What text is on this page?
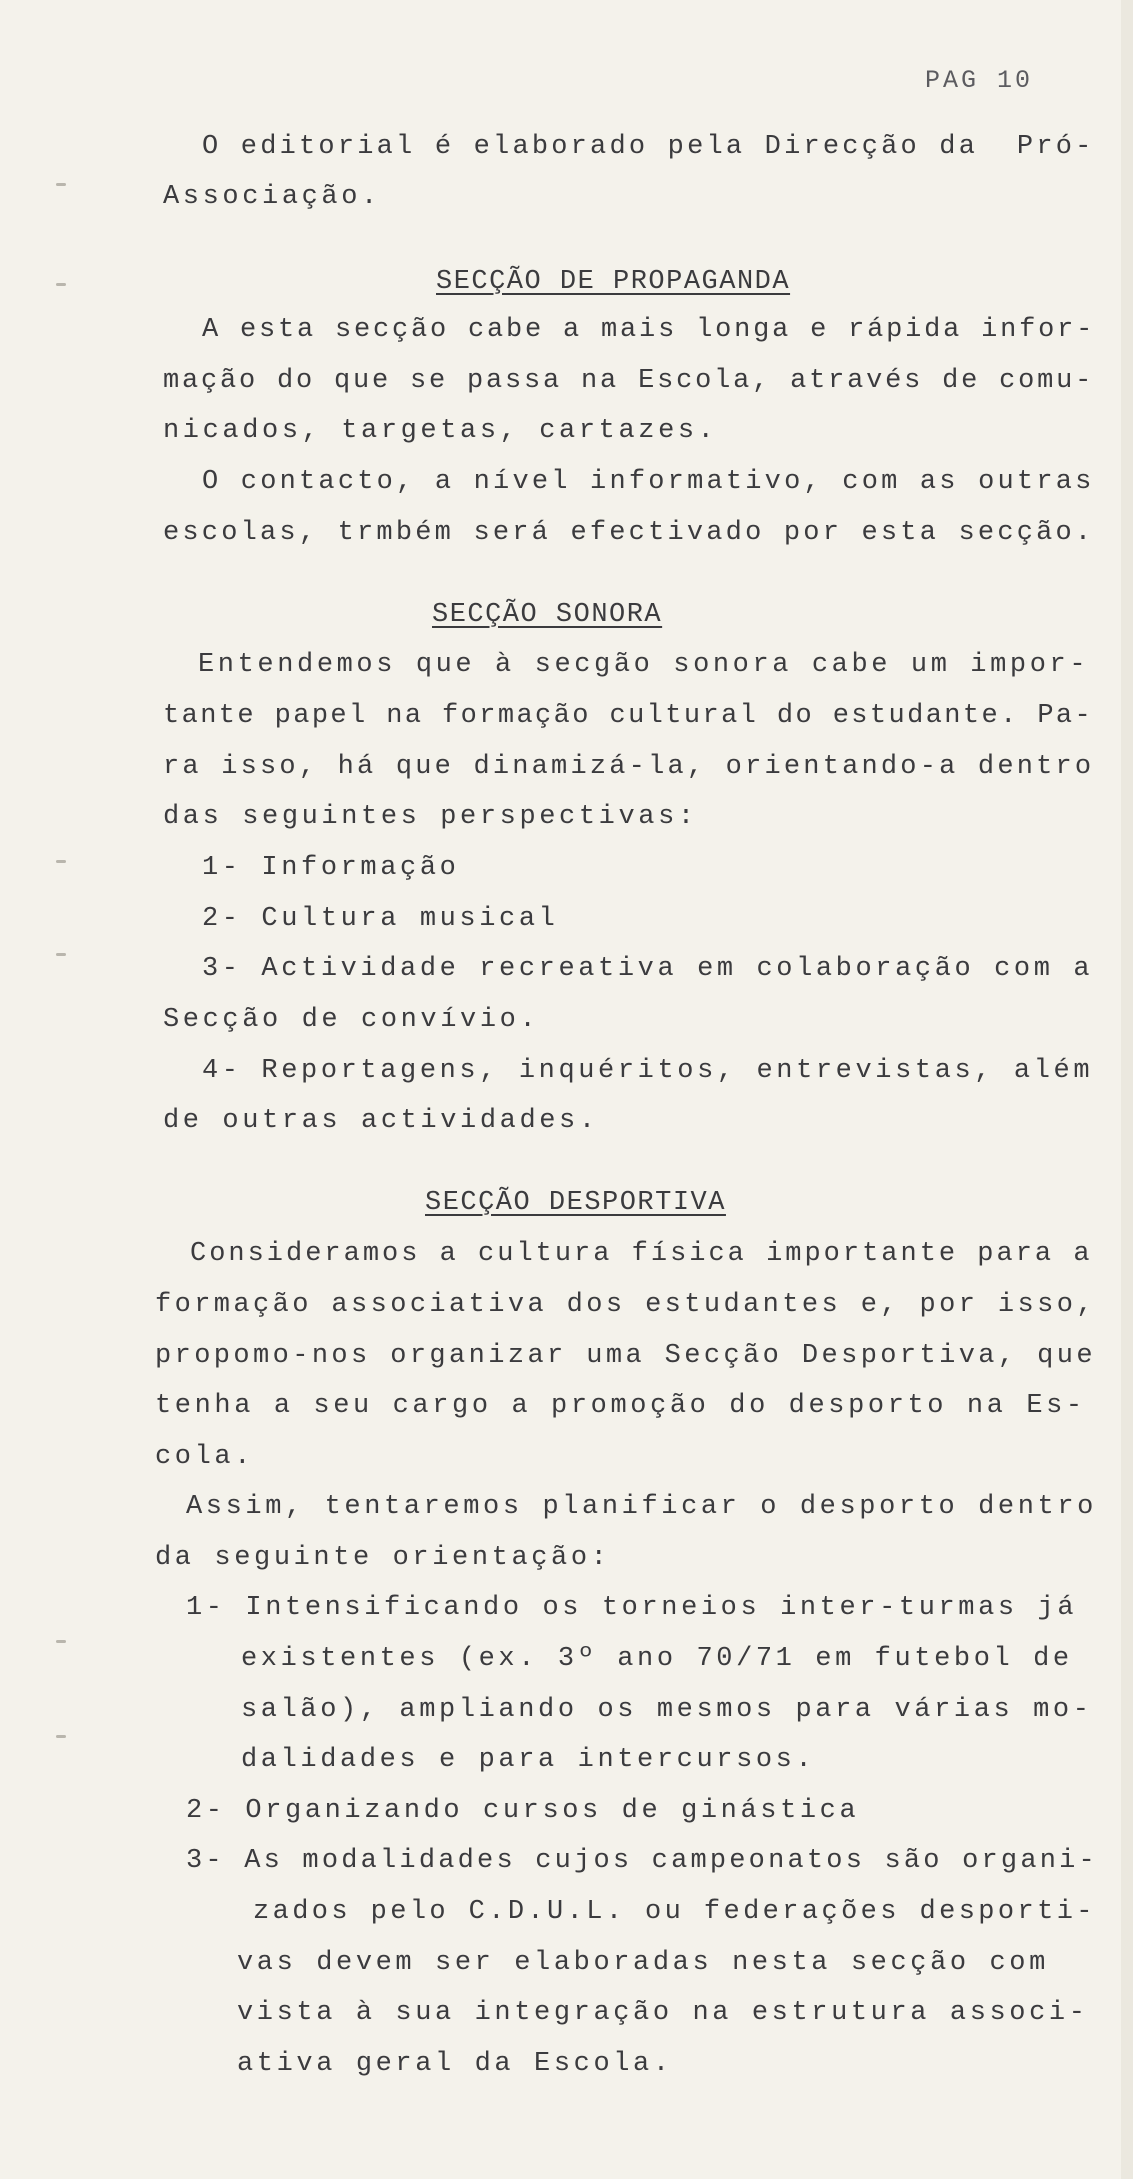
PAG 10
O editorial é elaborado pela Direcção da  Pró-
Associação.
SECÇÃO DE PROPAGANDA
A esta secção cabe a mais longa e rápida infor-
mação do que se passa na Escola, através de comu-
nicados, targetas, cartazes.
O contacto, a nível informativo, com as outras
escolas, trmbém será efectivado por esta secção.
SECÇÃO SONORA
Entendemos que à secgão sonora cabe um impor-
tante papel na formação cultural do estudante. Pa-
ra isso, há que dinamizá-la, orientando-a dentro
das seguintes perspectivas:
1- Informação
2- Cultura musical
3- Actividade recreativa em colaboração com a
Secção de convívio.
4- Reportagens, inquéritos, entrevistas, além
de outras actividades.
SECÇÃO DESPORTIVA
Consideramos a cultura física importante para a
formação associativa dos estudantes e, por isso,
propomo-nos organizar uma Secção Desportiva, que
tenha a seu cargo a promoção do desporto na Es-
cola.
Assim, tentaremos planificar o desporto dentro
da seguinte orientação:
1- Intensificando os torneios inter-turmas já
existentes (ex. 3º ano 70/71 em futebol de
salão), ampliando os mesmos para várias mo-
dalidades e para intercursos.
2- Organizando cursos de ginástica
3- As modalidades cujos campeonatos são organi-
zados pelo C.D.U.L. ou federações desporti-
vas devem ser elaboradas nesta secção com
vista à sua integração na estrutura associ-
ativa geral da Escola.
